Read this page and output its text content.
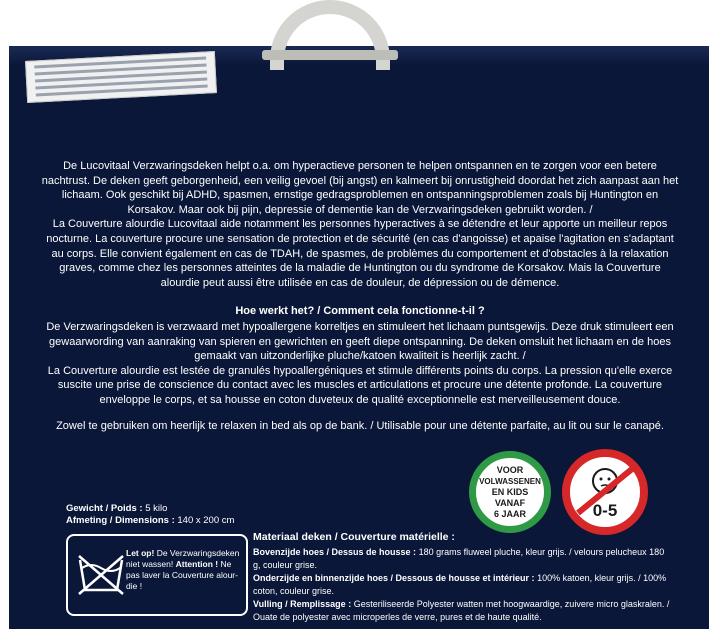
De Lucovitaal Verzwaringsdeken helpt o.a. om hyperactieve personen te helpen ontspannen en te zorgen voor een betere nachtrust. De deken geeft geborgenheid, een veilig gevoel (bij angst) en kalmeert bij onrustigheid doordat het zich aanpast aan het lichaam. Ook geschikt bij ADHD, spasmen, ernstige gedragsproblemen en ontspanningsproblemen zoals bij Huntington en Korsakov. Maar ook bij pijn, depressie of dementie kan de Verzwaringsdeken gebruikt worden. /

La Couverture alourdie Lucovitaal aide notamment les personnes hyperactives à se détendre et leur apporte un meilleur repos nocturne. La couverture procure une sensation de protection et de sécurité (en cas d'angoisse) et apaise l'agitation en s'adaptant au corps. Elle convient également en cas de TDAH, de spasmes, de problèmes du comportement et d'obstacles à la relaxation graves, comme chez les personnes atteintes de la maladie de Huntington ou du syndrome de Korsakov. Mais la Couverture alourdie peut aussi être utilisée en cas de douleur, de dépression ou de démence.

Hoe werkt het? / Comment cela fonctionne-t-il ?

De Verzwaringsdeken is verzwaard met hypoallergene korreltjes en stimuleert het lichaam puntsgewijs. Deze druk stimuleert een gewaarwording van aanraking van spieren en gewrichten en geeft diepe ontspanning. De deken omsluit het lichaam en de hoes gemaakt van uitzonderlijke pluche/katoen kwaliteit is heerlijk zacht. /

La Couverture alourdie est lestée de granulés hypoallergéniques et stimule différents points du corps. La pression qu'elle exerce suscite une prise de conscience du contact avec les muscles et articulations et procure une détente profonde. La couverture enveloppe le corps, et sa housse en coton duveteux de qualité exceptionnelle est merveilleusement douce.

Zowel te gebruiken om heerlijk te relaxen in bed als op de bank. / Utilisable pour une détente parfaite, au lit ou sur le canapé.
Gewicht / Poids : 5 kilo
Afmeting / Dimensions : 140 x 200 cm
Let op! De Verzwaringsdeken niet wassen! Attention ! Ne pas laver la Couverture alour-die !
VOOR
VOLWASSENEN
EN KIDS
VANAF
6 JAAR	0-5
Materiaal deken / Couverture matérielle :
Bovenzijde hoes / Dessus de housse : 180 grams fluweel pluche, kleur grijs. / velours pelucheux 180 g, couleur grise.
Onderzijde en binnenzijde hoes / Dessous de housse et intérieur : 100% katoen, kleur grijs. / 100% coton, couleur grise.
Vulling / Remplissage : Gesteriliseerde Polyester watten met hoogwaardige, zuivere micro glaskralen. / Ouate de polyester avec microperles de verre, pures et de haute qualité.
